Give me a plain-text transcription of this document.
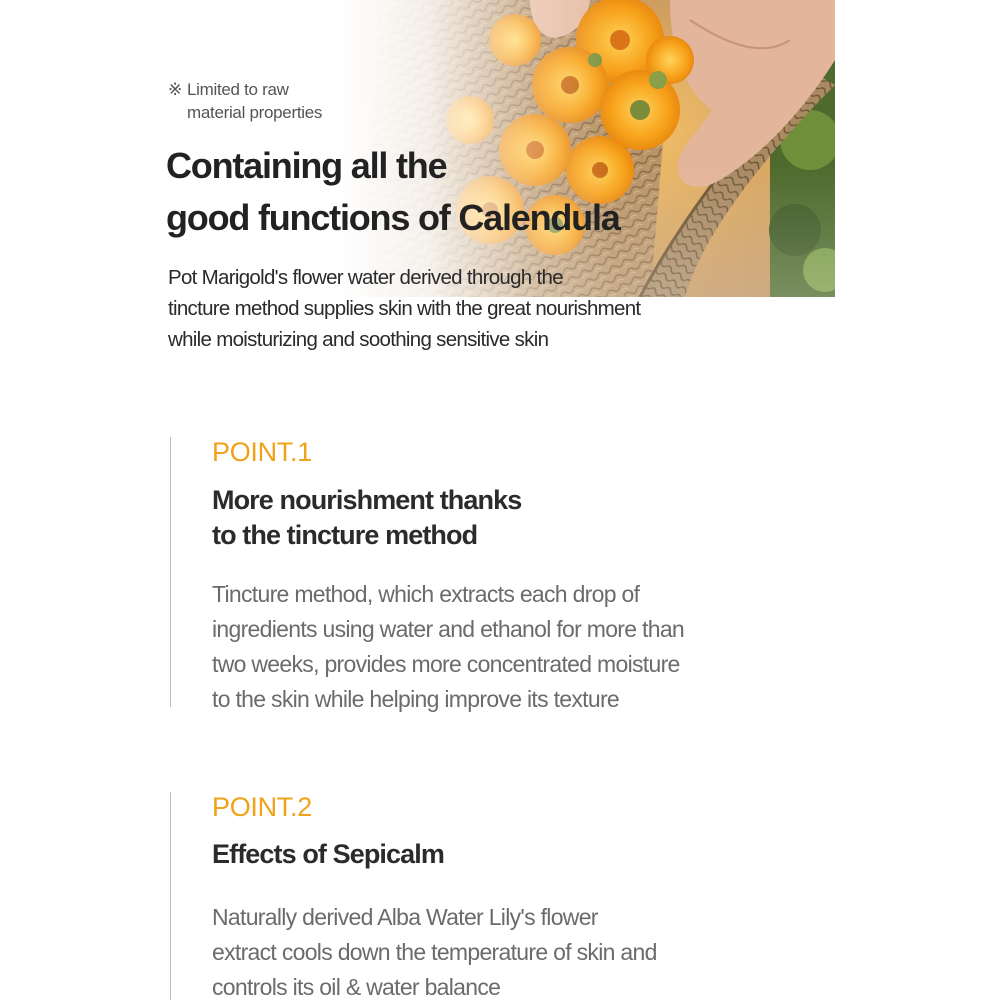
※ Limited to raw
material properties
Containing all the
good functions of Calendula

Pot Marigold's flower water derived through the
tincture method supplies skin with the great nourishment
while moisturizing and soothing sensitive skin

POINT.1
More nourishment thanks
to the tincture method

Tincture method, which extracts each drop of
ingredients using water and ethanol for more than
two weeks, provides more concentrated moisture
to the skin while helping improve its texture

POINT.2
Effects of Sepicalm

Naturally derived Alba Water Lily's flower
extract cools down the temperature of skin and
controls its oil & water balance
